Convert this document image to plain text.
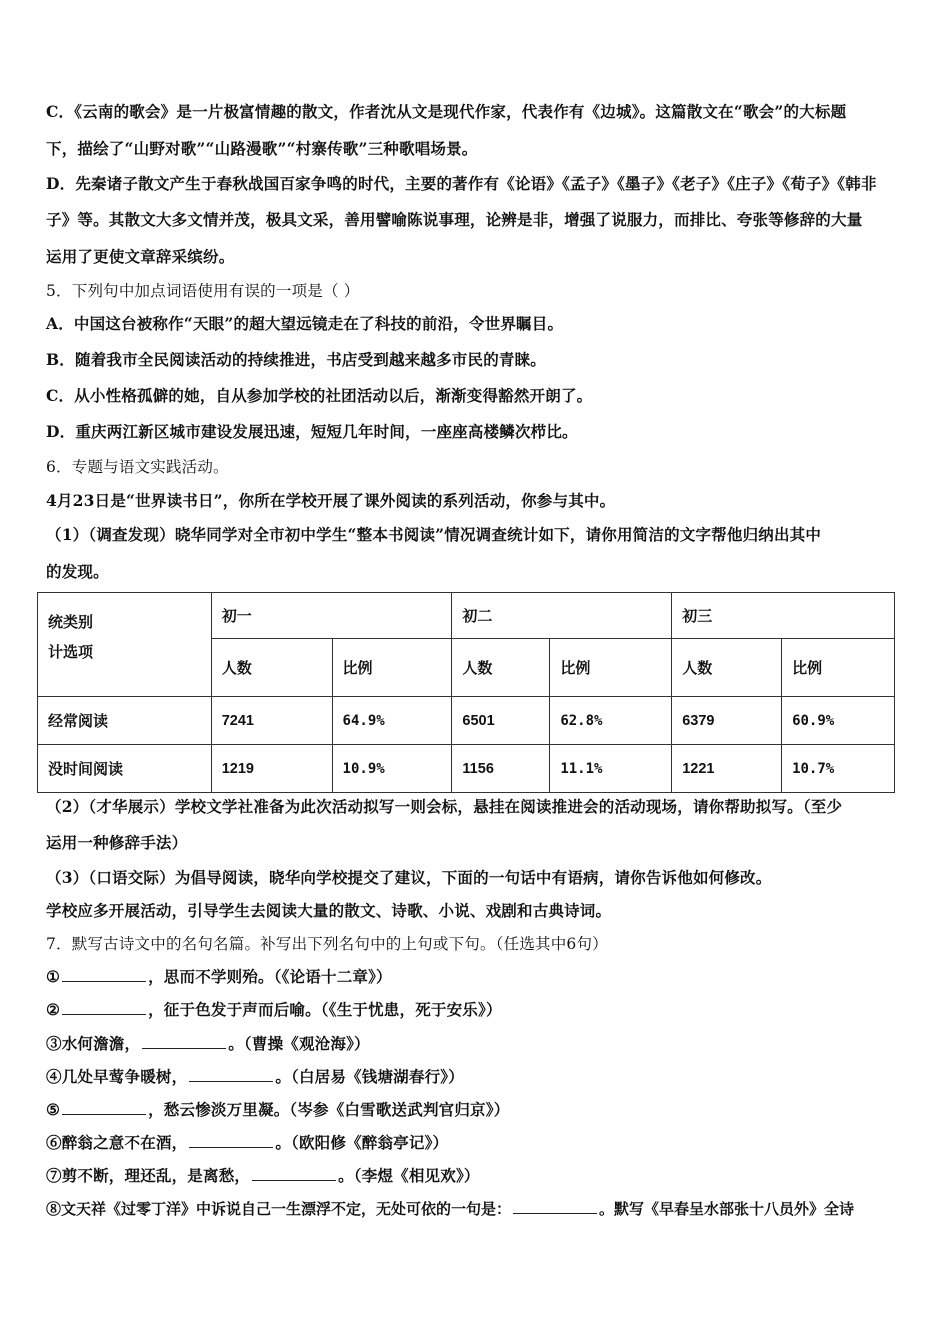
C．《云南的歌会》是一片极富情趣的散文，作者沈从文是现代作家，代表作有《边城》。这篇散文在“歌会”的大标题
下，描绘了“山野对歌”“山路漫歌”“村寨传歌”三种歌唱场景。
D．先秦诸子散文产生于春秋战国百家争鸣的时代，主要的著作有《论语》《孟子》《墨子》《老子》《庄子》《荀子》《韩非
子》等。其散文大多文情并茂，极具文采，善用譬喻陈说事理，论辨是非，增强了说服力，而排比、夸张等修辞的大量
运用了更使文章辞采缤纷。
5．下列句中加点词语使用有误的一项是（ ）
A．中国这台被称作“天眼”的超大望远镜走在了科技的前沿，令世界瞩目。
B．随着我市全民阅读活动的持续推进，书店受到越来越多市民的青睐。
C．从小性格孤僻的她，自从参加学校的社团活动以后，渐渐变得豁然开朗了。
D．重庆两江新区城市建设发展迅速，短短几年时间，一座座高楼鳞次栉比。
6．专题与语文实践活动。
4月23日是“世界读书日”，你所在学校开展了课外阅读的系列活动，你参与其中。
（1）（调查发现）晓华同学对全市初中学生“整本书阅读”情况调查统计如下，请你用简洁的文字帮他归纳出其中
的发现。
统类别
计选项	初一		初二		初三	
	人数	比例	人数	比例	人数	比例
经常阅读	7241	64.9%	6501	62.8%	6379	60.9%
没时间阅读	1219	10.9%	1156	11.1%	1221	10.7%
（2）（才华展示）学校文学社准备为此次活动拟写一则会标，悬挂在阅读推进会的活动现场，请你帮助拟写。（至少
运用一种修辞手法）
（3）（口语交际）为倡导阅读，晓华向学校提交了建议，下面的一句话中有语病，请你告诉他如何修改。
学校应多开展活动，引导学生去阅读大量的散文、诗歌、小说、戏剧和古典诗词。
7．默写古诗文中的名句名篇。补写出下列名句中的上句或下句。（任选其中6句）
①	，思而不学则殆。（《论语十二章》）
②	，征于色发于声而后喻。（《生于忧患，死于安乐》）
③水何澹澹，	。（曹操《观沧海》）
④几处早莺争暖树，	。（白居易《钱塘湖春行》）
⑤	，愁云惨淡万里凝。（岑参《白雪歌送武判官归京》）
⑥醉翁之意不在酒，	。（欧阳修《醉翁亭记》）
⑦剪不断，理还乱，是离愁，	。（李煜《相见欢》）
⑧文天祥《过零丁洋》中诉说自己一生漂浮不定，无处可依的一句是：	。默写《早春呈水部张十八员外》全诗
